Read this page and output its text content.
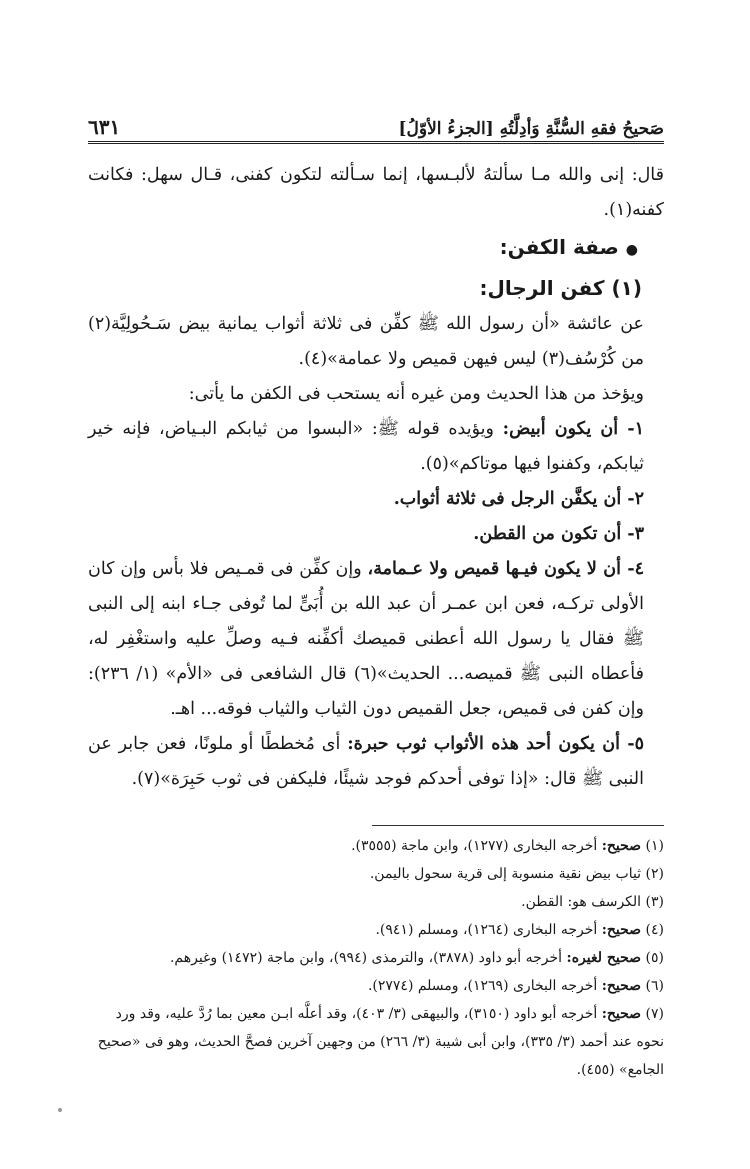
صَحيحُ فقهِ السُّنَّةِ وَأدِلَّتُهِ [الجزءُ الأوّلُ]
٦٣١

قال: إنى والله مـا سألتهُ لألبـسها، إنما سـألته لتكون كفنى، قـال سهل: فكانت كفنه(١).

● صفة الكفن:

(١) كفن الرجال:

عن عائشة «أن رسول الله ﷺ كفِّن فى ثلاثة أثواب يمانية بيض سَـحُولِيَّة(٢) من كُرْسُف(٣) ليس فيهن قميص ولا عمامة»(٤).

ويؤخذ من هذا الحديث ومن غيره أنه يستحب فى الكفن ما يأتى:

١- أن يكون أبيض: ويؤيده قوله ﷺ: «البسوا من ثيابكم البـياض، فإنه خير ثيابكم، وكفنوا فيها موتاكم»(٥).

٢- أن يكفَّن الرجل فى ثلاثة أثواب.

٣- أن تكون من القطن.

٤- أن لا يكون فيـها قميص ولا عـمامة، وإن كفِّن فى قمـيص فلا بأس وإن كان الأولى تركـه، فعن ابن عمـر أن عبد الله بن أُبَىٍّ لما تُوفى جـاء ابنه إلى النبى ﷺ فقال يا رسول الله أعطنى قميصك أكفِّنه فـيه وصلِّ عليه واستغْفِر له، فأعطاه النبى ﷺ قميصه... الحديث»(٦) قال الشافعى فى «الأم» (١/ ٢٣٦): وإن كفن فى قميص، جعل القميص دون الثياب والثياب فوقه... اهـ.

٥- أن يكون أحد هذه الأثواب ثوب حبرة: أى مُخططًا أو ملونًا، فعن جابر عن النبى ﷺ قال: «إذا توفى أحدكم فوجد شيئًا، فليكفن فى ثوب حَبِرَة»(٧).

(١) صحيح: أخرجه البخارى (١٢٧٧)، وابن ماجة (٣٥٥٥).

(٢) ثياب بيض نقية منسوبة إلى قرية سحول باليمن.

(٣) الكرسف هو: القطن.

(٤) صحيح: أخرجه البخارى (١٢٦٤)، ومسلم (٩٤١).

(٥) صحيح لغيره: أخرجه أبو داود (٣٨٧٨)، والترمذى (٩٩٤)، وابن ماجة (١٤٧٢) وغيرهم.

(٦) صحيح: أخرجه البخارى (١٢٦٩)، ومسلم (٢٧٧٤).

(٧) صحيح: أخرجه أبو داود (٣١٥٠)، والبيهقى (٣/ ٤٠٣)، وقد أعلَّه ابـن معين بما رُدَّ عليه، وقد ورد نحوه عند أحمد (٣/ ٣٣٥)، وابن أبى شيبة (٣/ ٢٦٦) من وجهين آخرين فصحَّ الحديث، وهو فى «صحيح الجامع» (٤٥٥).
